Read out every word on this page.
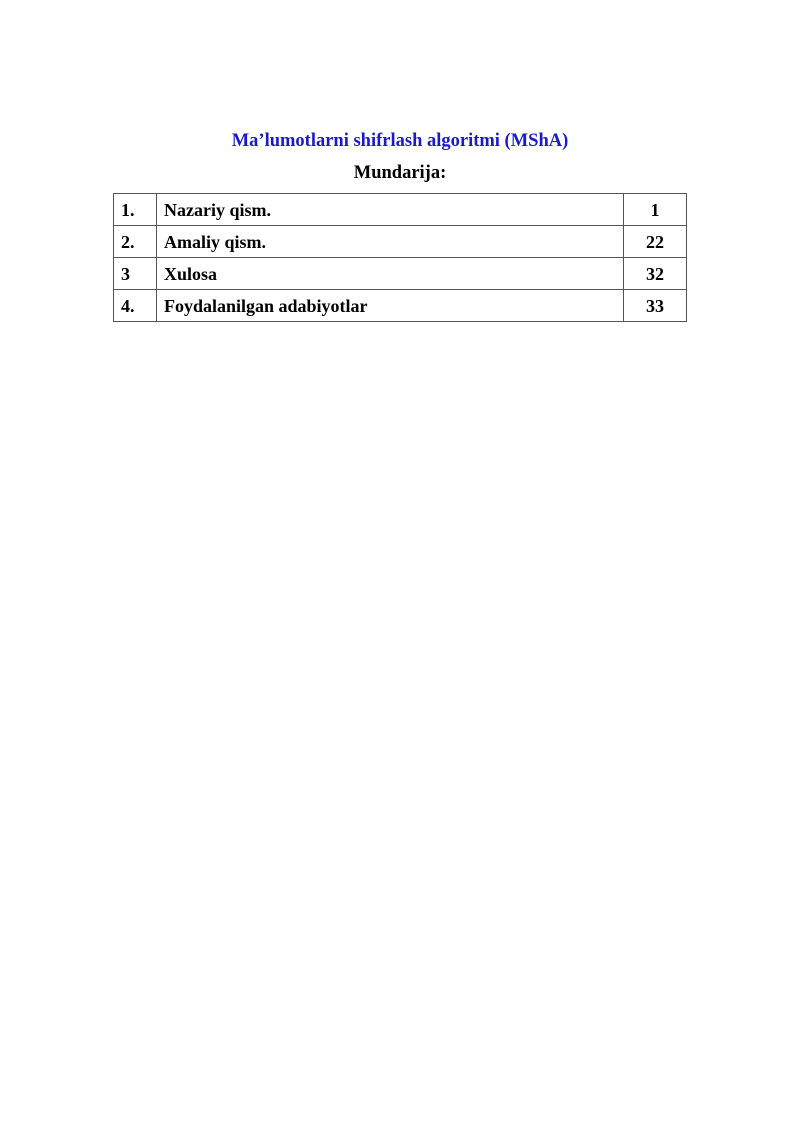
Ma’lumotlarni shifrlash algoritmi (MShA)
Mundarija:
1.	Nazariy qism.	1
2.	Amaliy qism.	22
3	Xulosa	32
4.	Foydalanilgan adabiyotlar	33
